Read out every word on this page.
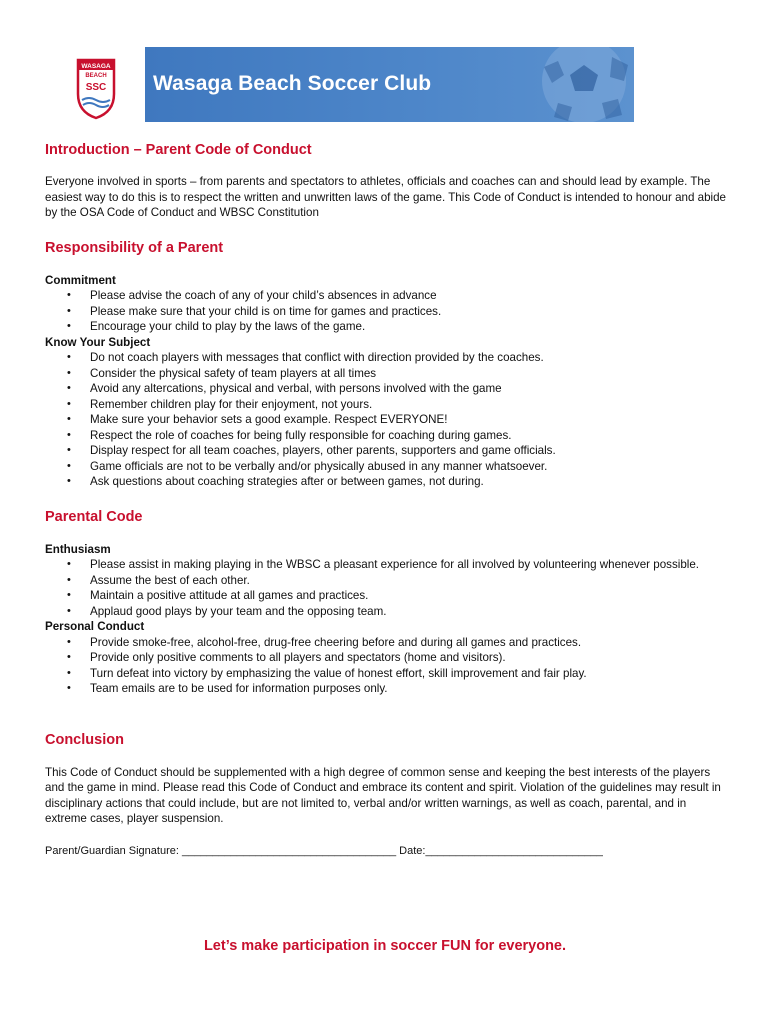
WASAGA
BEACH
SSC Wasaga Beach Soccer Club
Introduction – Parent Code of Conduct

Everyone involved in sports – from parents and spectators to athletes, officials and coaches can and should lead by example. The easiest way to do this is to respect the written and unwritten laws of the game. This Code of Conduct is intended to honour and abide by the OSA Code of Conduct and WBSC Constitution

Responsibility of a Parent
Commitment
• Please advise the coach of any of your child’s absences in advance
• Please make sure that your child is on time for games and practices.
• Encourage your child to play by the laws of the game.
Know Your Subject
• Do not coach players with messages that conflict with direction provided by the coaches.
• Consider the physical safety of team players at all times
• Avoid any altercations, physical and verbal, with persons involved with the game
• Remember children play for their enjoyment, not yours.
• Make sure your behavior sets a good example. Respect EVERYONE!
• Respect the role of coaches for being fully responsible for coaching during games.
• Display respect for all team coaches, players, other parents, supporters and game officials.
• Game officials are not to be verbally and/or physically abused in any manner whatsoever.
• Ask questions about coaching strategies after or between games, not during.
Parental Code
Enthusiasm
• Please assist in making playing in the WBSC a pleasant experience for all involved by volunteering whenever possible.
• Assume the best of each other.
• Maintain a positive attitude at all games and practices.
• Applaud good plays by your team and the opposing team.
Personal Conduct
• Provide smoke-free, alcohol-free, drug-free cheering before and during all games and practices.
• Provide only positive comments to all players and spectators (home and visitors).
• Turn defeat into victory by emphasizing the value of honest effort, skill improvement and fair play.
• Team emails are to be used for information purposes only.
Conclusion

This Code of Conduct should be supplemented with a high degree of common sense and keeping the best interests of the players and the game in mind. Please read this Code of Conduct and embrace its content and spirit. Violation of the guidelines may result in disciplinary actions that could include, but are not limited to, verbal and/or written warnings, as well as coach, parental, and in extreme cases, player suspension.

Parent/Guardian Signature: ___________________________________ Date:_____________________________
Let’s make participation in soccer FUN for everyone.
